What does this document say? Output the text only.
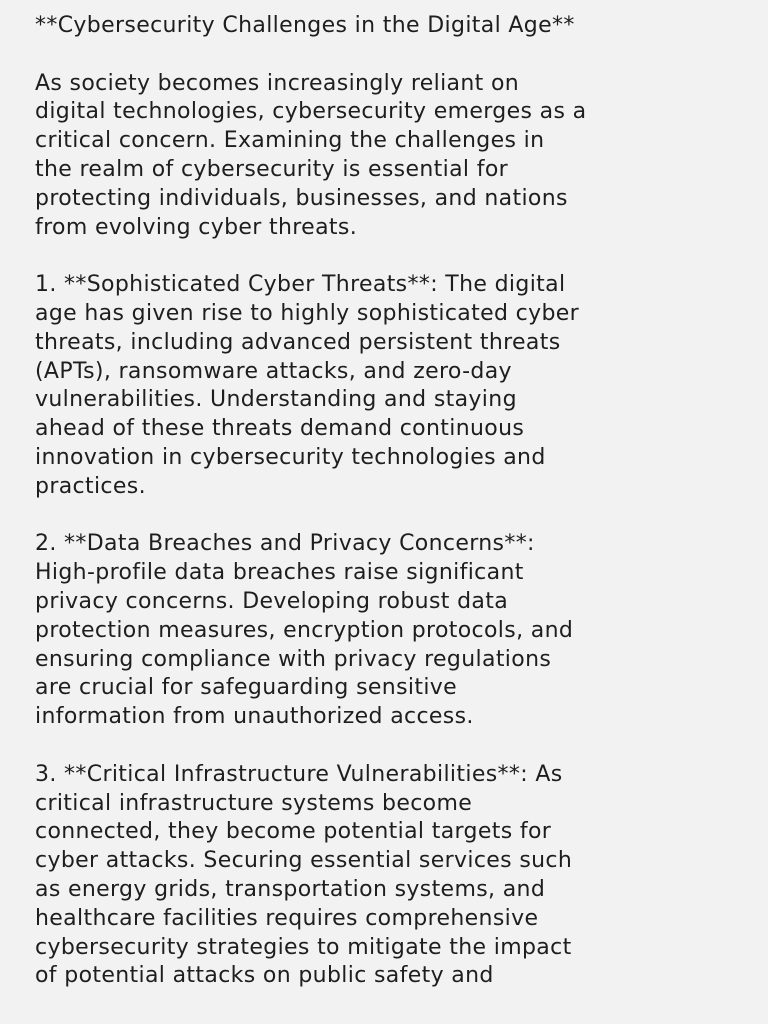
**Cybersecurity Challenges in the Digital Age**

As society becomes increasingly reliant on
digital technologies, cybersecurity emerges as a
critical concern. Examining the challenges in
the realm of cybersecurity is essential for
protecting individuals, businesses, and nations
from evolving cyber threats.

1. **Sophisticated Cyber Threats**: The digital
age has given rise to highly sophisticated cyber
threats, including advanced persistent threats
(APTs), ransomware attacks, and zero-day
vulnerabilities. Understanding and staying
ahead of these threats demand continuous
innovation in cybersecurity technologies and
practices.

2. **Data Breaches and Privacy Concerns**:
High-profile data breaches raise significant
privacy concerns. Developing robust data
protection measures, encryption protocols, and
ensuring compliance with privacy regulations
are crucial for safeguarding sensitive
information from unauthorized access.

3. **Critical Infrastructure Vulnerabilities**: As
critical infrastructure systems become
connected, they become potential targets for
cyber attacks. Securing essential services such
as energy grids, transportation systems, and
healthcare facilities requires comprehensive
cybersecurity strategies to mitigate the impact
of potential attacks on public safety and
